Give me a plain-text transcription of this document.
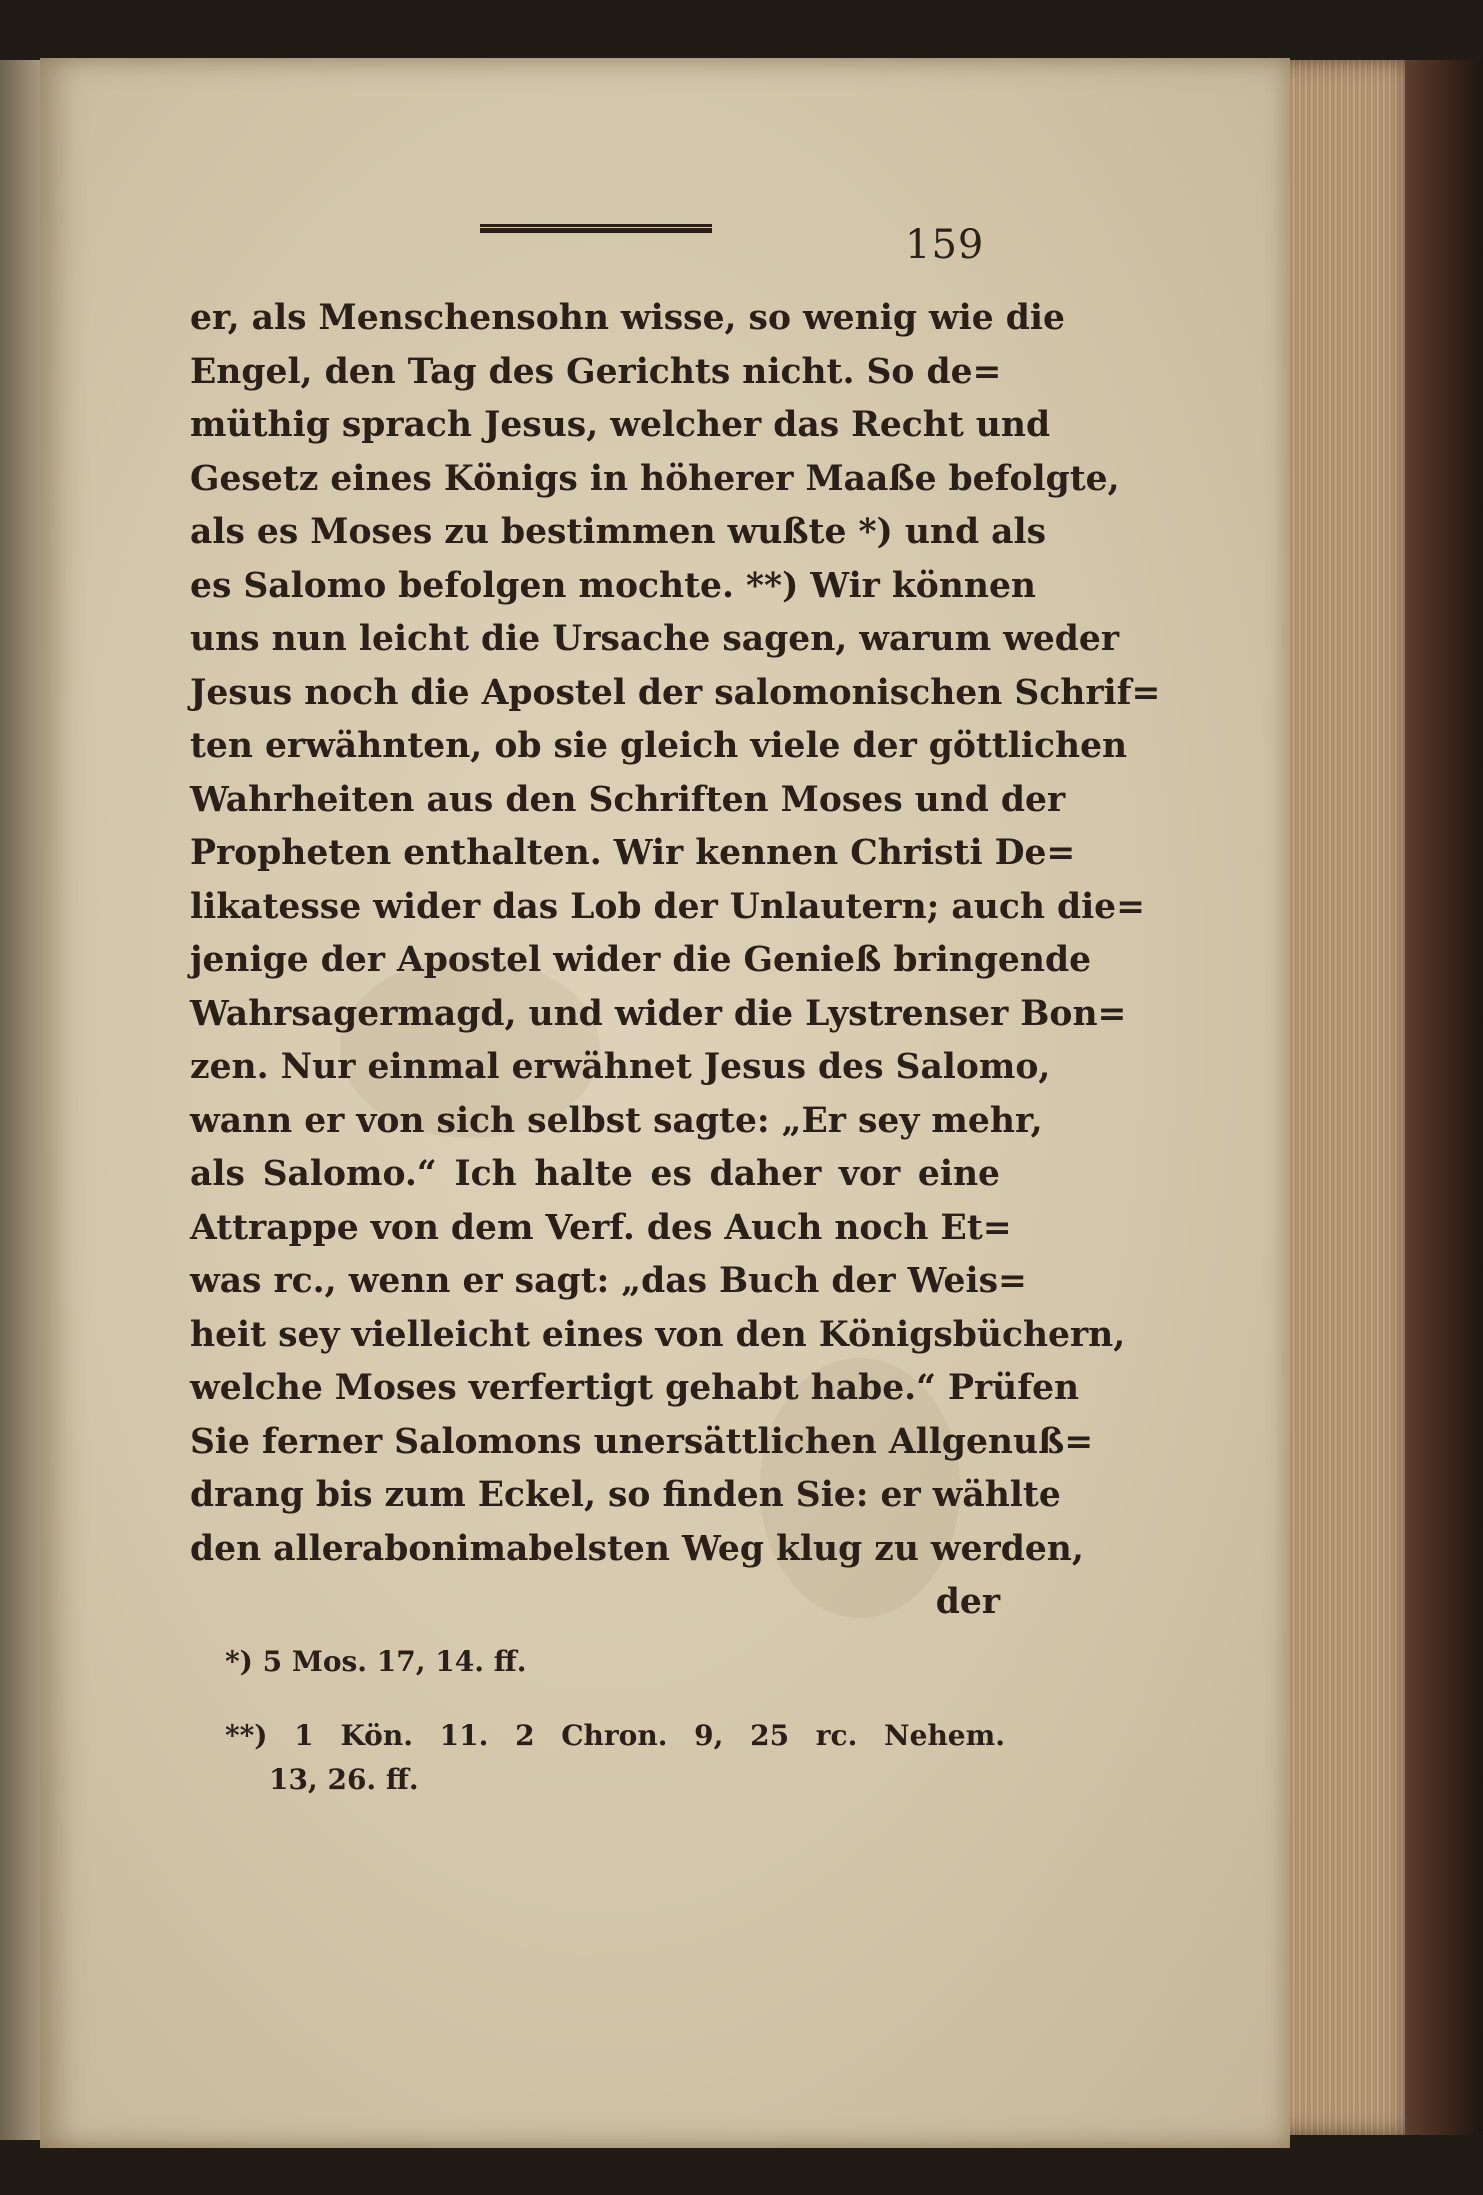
159
er, als Menschensohn wisse, so wenig wie die
Engel, den Tag des Gerichts nicht. So de=
müthig sprach Jesus, welcher das Recht und
Gesetz eines Königs in höherer Maaße befolgte,
als es Moses zu bestimmen wußte *) und als
es Salomo befolgen mochte. **) Wir können
uns nun leicht die Ursache sagen, warum weder
Jesus noch die Apostel der salomonischen Schrif=
ten erwähnten, ob sie gleich viele der göttlichen
Wahrheiten aus den Schriften Moses und der
Propheten enthalten. Wir kennen Christi De=
likatesse wider das Lob der Unlautern; auch die=
jenige der Apostel wider die Genieß bringende
Wahrsagermagd, und wider die Lystrenser Bon=
zen. Nur einmal erwähnet Jesus des Salomo,
wann er von sich selbst sagte: „Er sey mehr,
als Salomo.“ Ich halte es daher vor eine
Attrappe von dem Verf. des Auch noch Et=
was rc., wenn er sagt: „das Buch der Weis=
heit sey vielleicht eines von den Königsbüchern,
welche Moses verfertigt gehabt habe.“ Prüfen
Sie ferner Salomons unersättlichen Allgenuß=
drang bis zum Eckel, so finden Sie: er wählte
den allerabonimabelsten Weg klug zu werden,
der
*) 5 Mos. 17, 14. ff.
**) 1 Kön. 11. 2 Chron. 9, 25 rc. Nehem.
13, 26. ff.
